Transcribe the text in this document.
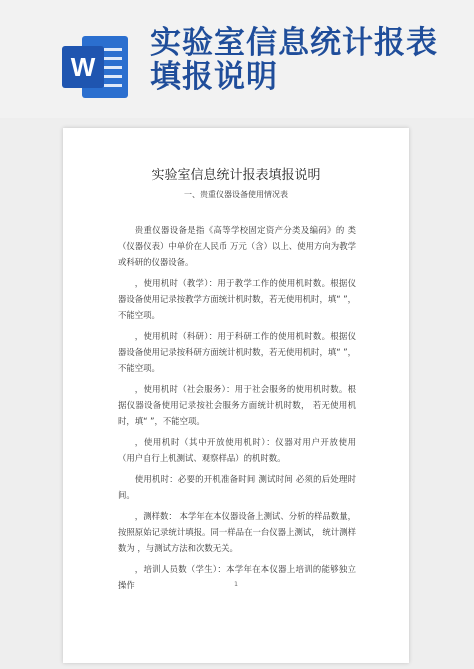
W
实验室信息统计报表填报说明
实验室信息统计报表填报说明
一、贵重仪器设备使用情况表

贵重仪器设备是指《高等学校固定资产分类及编码》的 类（仪器仪表）中单价在人民币 万元（含）以上、使用方向为教学或科研的仪器设备。

，使用机时（教学）：用于教学工作的使用机时数。根据仪器设备使用记录按教学方面统计机时数，若无使用机时，填“ ”，不能空项。

，使用机时（科研）：用于科研工作的使用机时数。根据仪器设备使用记录按科研方面统计机时数，若无使用机时，填“ ”，不能空项。

，使用机时（社会服务）：用于社会服务的使用机时数。根据仪器设备使用记录按社会服务方面统计机时数， 若无使用机时，填“ ”，不能空项。

，使用机时（其中开放使用机时）：仪器对用户开放使用（用户自行上机测试、观察样品）的机时数。

使用机时：必要的开机准备时间 测试时间 必须的后处理时间。

，测样数： 本学年在本仪器设备上测试、分析的样品数量，按照原始记录统计填报。同一样品在一台仪器上测试， 统计测样数为 ，与测试方法和次数无关。

，培训人员数（学生）：本学年在本仪器上培训的能够独立操作	1
